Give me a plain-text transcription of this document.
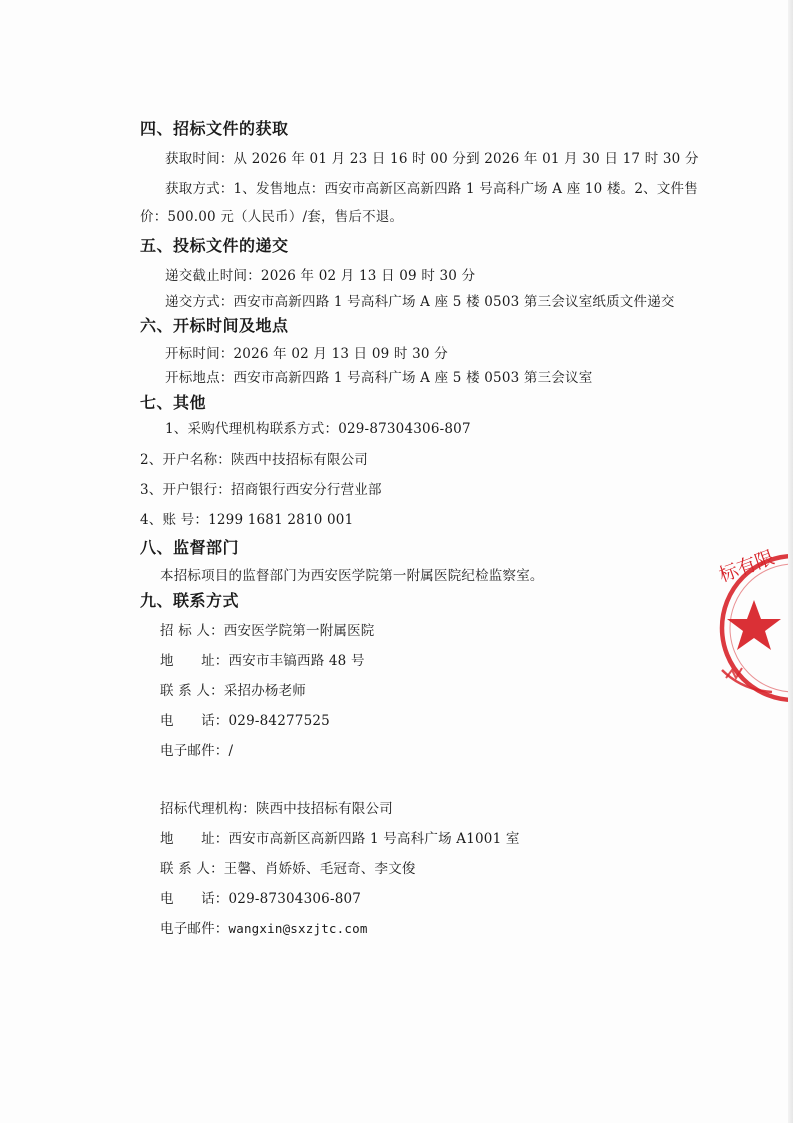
四、招标文件的获取
获取时间：从 2026 年 01 月 23 日 16 时 00 分到 2026 年 01 月 30 日 17 时 30 分
获取方式：1、发售地点：西安市高新区高新四路 1 号高科广场 A 座 10 楼。2、文件售
价：500.00 元（人民币）/套，售后不退。
五、投标文件的递交
递交截止时间：2026 年 02 月 13 日 09 时 30 分
递交方式：西安市高新四路 1 号高科广场 A 座 5 楼 0503 第三会议室纸质文件递交
六、开标时间及地点
开标时间：2026 年 02 月 13 日 09 时 30 分
开标地点：西安市高新四路 1 号高科广场 A 座 5 楼 0503 第三会议室
七、其他
1、采购代理机构联系方式：029-87304306-807
2、开户名称：陕西中技招标有限公司
3、开户银行：招商银行西安分行营业部
4、账 号：1299 1681 2810 001
八、监督部门
本招标项目的监督部门为西安医学院第一附属医院纪检监察室。
九、联系方式
招 标 人：西安医学院第一附属医院
地　　址：西安市丰镐西路 48 号
联 系 人：采招办杨老师
电　　话：029-84277525
电子邮件：/
招标代理机构：陕西中技招标有限公司
地　　址：西安市高新区高新四路 1 号高科广场 A1001 室
联 系 人：王馨、肖娇娇、毛冠奇、李文俊
电　　话：029-87304306-807
电子邮件：wangxin@sxzjtc.com
标有限
